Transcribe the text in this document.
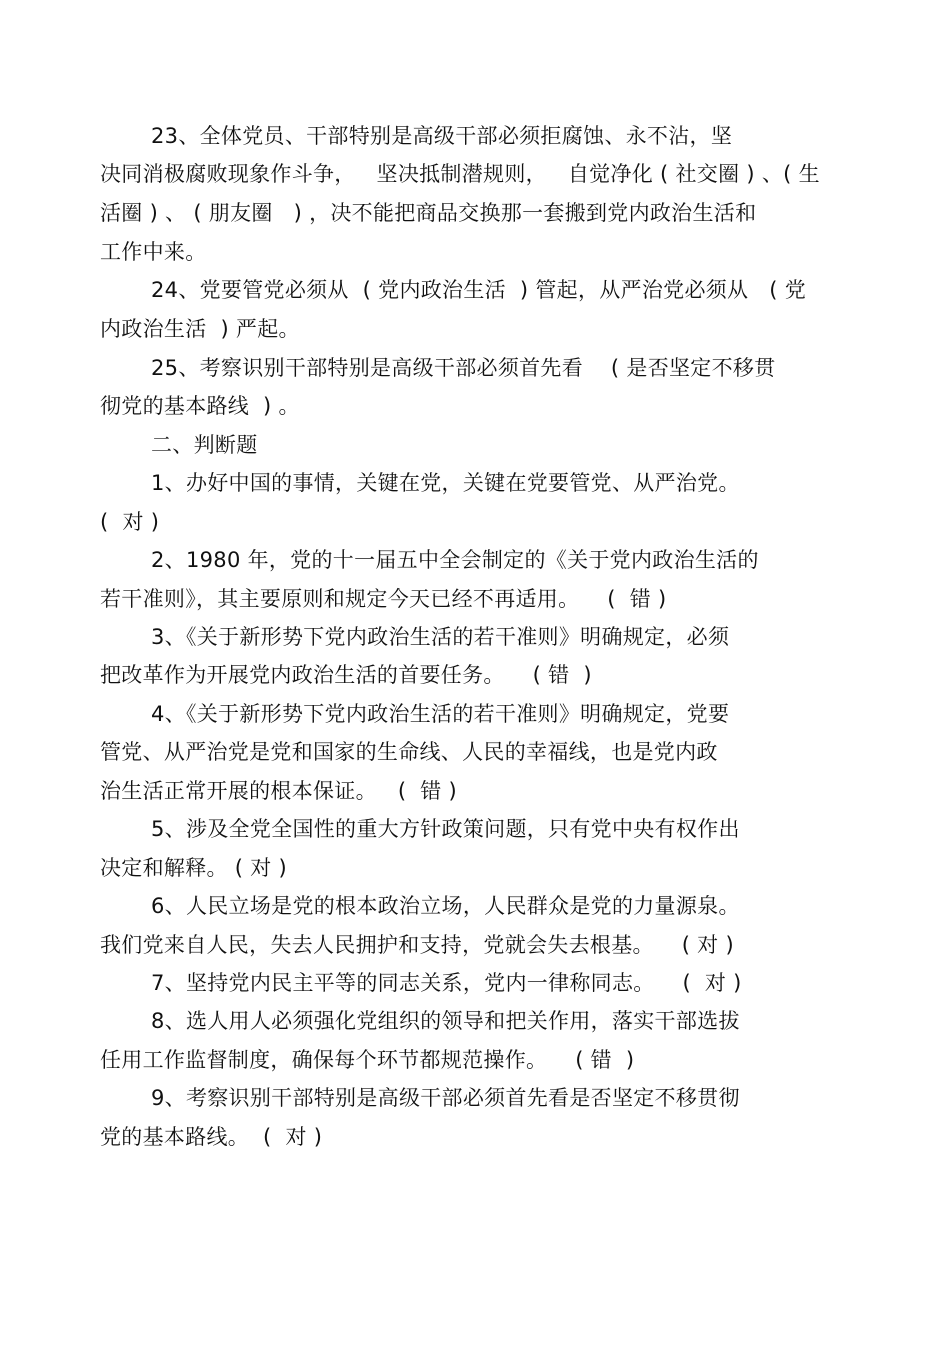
23、全体党员、干部特别是高级干部必须拒腐蚀、永不沾，坚
决同消极腐败现象作斗争，   坚决抵制潜规则，   自觉净化 ( 社交圈 ) 、( 生
活圈 ) 、 ( 朋友圈   ) ，决不能把商品交换那一套搬到党内政治生活和
工作中来。
24、党要管党必须从  ( 党内政治生活  ) 管起，从严治党必须从   ( 党
内政治生活  ) 严起。
25、考察识别干部特别是高级干部必须首先看    ( 是否坚定不移贯
彻党的基本路线  ) 。
二、判断题
1、办好中国的事情，关键在党，关键在党要管党、从严治党。
(  对 )
2、1980 年，党的十一届五中全会制定的《关于党内政治生活的
若干准则》，其主要原则和规定今天已经不再适用。    (  错 )
3、《关于新形势下党内政治生活的若干准则》明确规定，必须
把改革作为开展党内政治生活的首要任务。    ( 错  )
4、《关于新形势下党内政治生活的若干准则》明确规定，党要
管党、从严治党是党和国家的生命线、人民的幸福线，也是党内政
治生活正常开展的根本保证。   (  错 )
5、涉及全党全国性的重大方针政策问题，只有党中央有权作出
决定和解释。 ( 对 )
6、人民立场是党的根本政治立场，人民群众是党的力量源泉。
我们党来自人民，失去人民拥护和支持，党就会失去根基。    ( 对 )
7、坚持党内民主平等的同志关系，党内一律称同志。    (  对 )
8、选人用人必须强化党组织的领导和把关作用，落实干部选拔
任用工作监督制度，确保每个环节都规范操作。    ( 错  )
9、考察识别干部特别是高级干部必须首先看是否坚定不移贯彻
党的基本路线。  (  对 )
